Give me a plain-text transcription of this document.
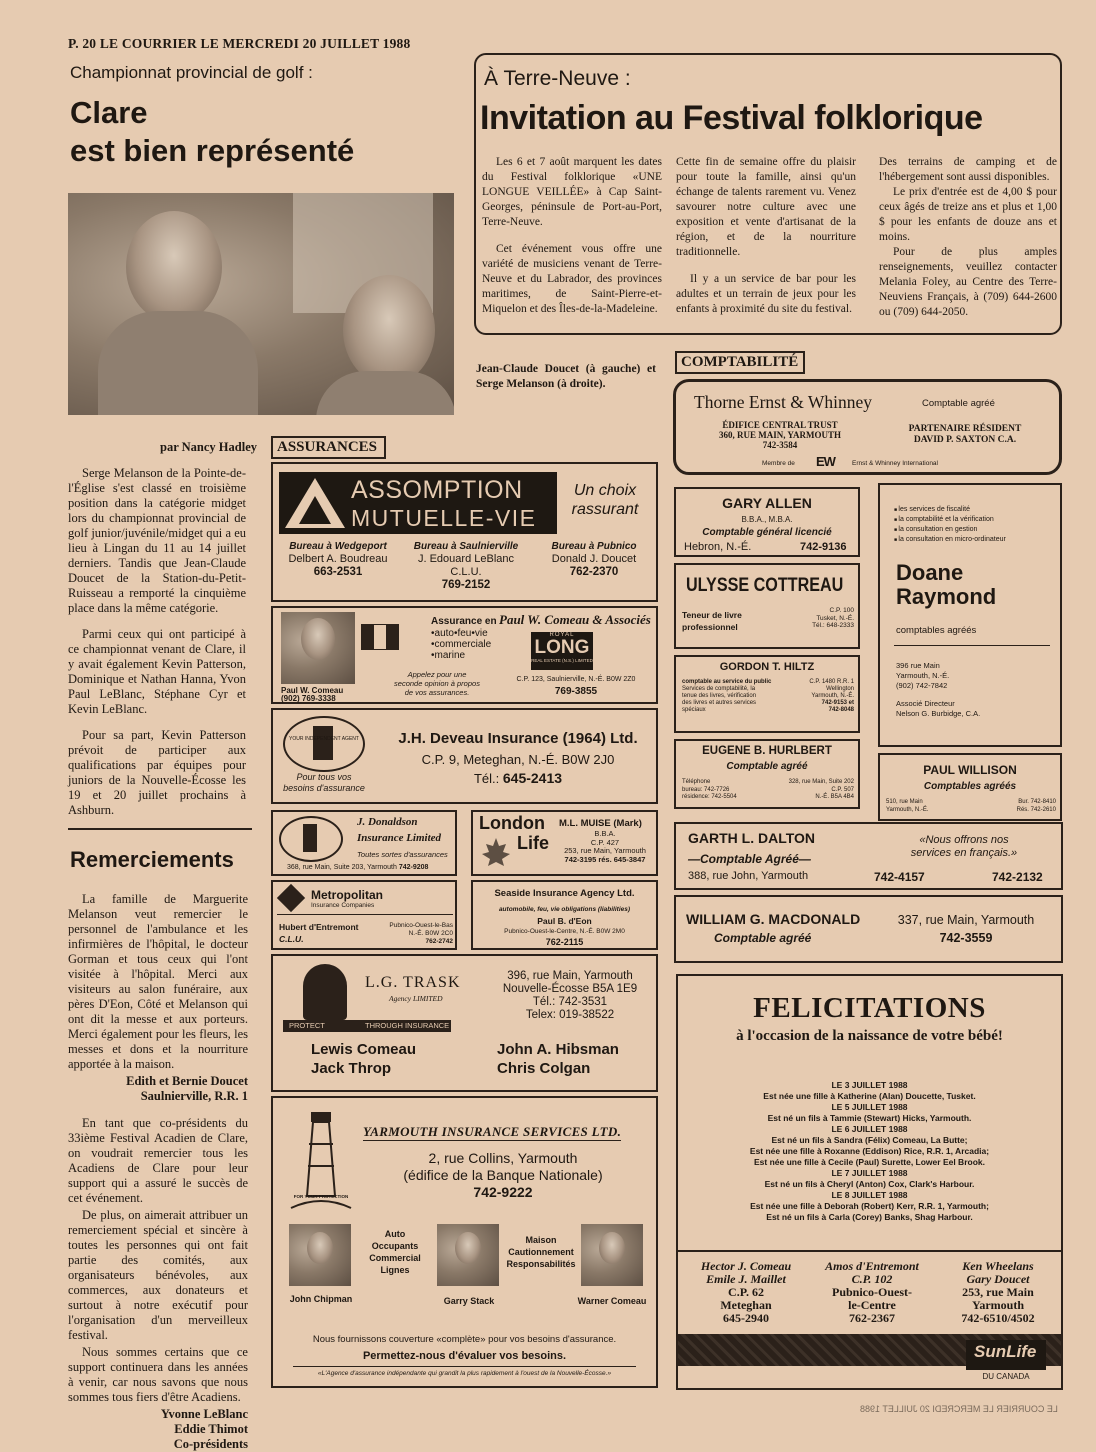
P. 20 LE COURRIER LE MERCREDI 20 JUILLET 1988
Championnat provincial de golf :
Clare
est bien représenté
Jean-Claude Doucet (à gauche) et Serge Melanson (à droite).
par Nancy Hadley

Serge Melanson de la Pointe-de-l'Église s'est classé en troisième position dans la catégorie midget lors du championnat provincial de golf junior/juvénile/midget qui a eu lieu à Lingan du 11 au 14 juillet derniers. Tandis que Jean-Claude Doucet de la Station-du-Petit-Ruisseau a remporté la cinquième place dans la même catégorie.

Parmi ceux qui ont participé à ce championnat venant de Clare, il y avait également Kevin Patterson, Dominique et Nathan Hanna, Yvon Paul LeBlanc, Stéphane Cyr et Kevin LeBlanc.

Pour sa part, Kevin Patterson prévoit de participer aux qualifications par équipes pour juniors de la Nouvelle-Écosse les 19 et 20 juillet prochains à Ashburn.

Remerciements

La famille de Marguerite Melanson veut remercier le personnel de l'ambulance et les infirmières de l'hôpital, le docteur Gorman et tous ceux qui l'ont visitée à l'hôpital. Merci aux visiteurs au salon funéraire, aux pères D'Eon, Côté et Melanson qui ont dit la messe et aux porteurs. Merci également pour les fleurs, les messes et dons et la nourriture apportée à la maison.

Edith et Bernie Doucet
Saulnierville, R.R. 1

En tant que co-présidents du 33ième Festival Acadien de Clare, on voudrait remercier tous les Acadiens de Clare pour leur support qui a assuré le succès de cet événement.

De plus, on aimerait attribuer un remerciement spécial et sincère à toutes les personnes qui ont fait partie des comités, aux organisateurs bénévoles, aux commerces, aux donateurs et surtout à notre exécutif pour l'organisation d'un merveilleux festival.

Nous sommes certains que ce support continuera dans les années à venir, car nous savons que nous sommes tous fiers d'être Acadiens.

Yvonne LeBlanc
Eddie Thimot
Co-présidents
À Terre-Neuve :
Invitation au Festival folklorique

Les 6 et 7 août marquent les dates du Festival folklorique «UNE LONGUE VEILLÉE» à Cap Saint-Georges, péninsule de Port-au-Port, Terre-Neuve.

Cet événement vous offre une variété de musiciens venant de Terre-Neuve et du Labrador, des provinces maritimes, de Saint-Pierre-et-Miquelon et des Îles-de-la-Madeleine.

Cette fin de semaine offre du plaisir pour toute la famille, ainsi qu'un échange de talents rarement vu. Venez savourer notre culture avec une exposition et vente d'artisanat de la région, et de la nourriture traditionnelle.

Il y a un service de bar pour les adultes et un terrain de jeux pour les enfants à proximité du site du festival.

Des terrains de camping et de l'hébergement sont aussi disponibles.

Le prix d'entrée est de 4,00 $ pour ceux âgés de treize ans et plus et 1,00 $ pour les enfants de douze ans et moins.

Pour de plus amples renseignements, veuillez contacter Melania Foley, au Centre des Terre-Neuviens Français, à (709) 644-2600 ou (709) 644-2050.

ASSURANCES
ASSOMPTION
MUTUELLE-VIE
Un choix
rassurant
Bureau à Wedgeport
Delbert A. Boudreau
663-2531
Bureau à Saulnierville
J. Edouard LeBlanc
C.L.U.
769-2152
Bureau à Pubnico
Donald J. Doucet
762-2370
Paul W. Comeau
(902) 769-3338
Assurance en
•auto•feu•vie
•commerciale
•marine
Appelez pour une
seconde opinion à propos
de vos assurances.
Paul W. Comeau & Associés
ROYAL
LONG
REAL ESTATE (N.S.) LIMITED
C.P. 123, Saulnierville, N.-É. B0W 2Z0
769-3855
YOUR INDEPENDENT AGENT
Pour tous vos
besoins d'assurance
J.H. Deveau Insurance (1964) Ltd.
C.P. 9, Meteghan, N.-É. B0W 2J0
Tél.: 645-2413
J. Donaldson
Insurance Limited
Toutes sortes d'assurances
368, rue Main, Suite 203, Yarmouth 742-9208
London
Life
M.L. MUISE (Mark)
B.B.A.
C.P. 427
253, rue Main, Yarmouth
742-3195 rés. 645-3847
Metropolitan
Insurance Companies
Hubert d'Entremont
C.L.U.
Pubnico-Ouest-le-Bas
N.-É. B0W 2C0
762-2742
Seaside Insurance Agency Ltd.
automobile, feu, vie obligations (liabilities)
Paul B. d'Eon
Pubnico-Ouest-le-Centre, N.-É. B0W 2M0
762-2115
L.G. TRASK
Agency LIMITED
PROTECT	THROUGH INSURANCE
396, rue Main, Yarmouth
Nouvelle-Écosse B5A 1E9
Tél.: 742-3531
Telex: 019-38522
Lewis Comeau
Jack Throp
John A. Hibsman
Chris Colgan
FOR YOUR PROTECTION
YARMOUTH INSURANCE SERVICES LTD.
2, rue Collins, Yarmouth
(édifice de la Banque Nationale)
742-9222
Auto
Occupants
Commercial
Lignes
Maison
Cautionnement
Responsabilités
John Chipman	Garry Stack	Warner Comeau
Nous fournissons couverture «complète» pour vos besoins d'assurance.
Permettez-nous d'évaluer vos besoins.
«L'Agence d'assurance indépendante qui grandit la plus rapidement à l'ouest de la Nouvelle-Écosse.»
COMPTABILITÉ
Thorne Ernst & Whinney	Comptable agréé
ÉDIFICE CENTRAL TRUST
360, RUE MAIN, YARMOUTH
742-3584
PARTENAIRE RÉSIDENT
DAVID P. SAXTON C.A.
Membre de EW	Ernst & Whinney International
GARY ALLEN
B.B.A., M.B.A.
Comptable général licencié
Hebron, N.-É.	742-9136
ULYSSE COTTREAU
Teneur de livre
professionnel
C.P. 100
Tusket, N.-É.
Tél.: 648-2333
GORDON T. HILTZ
comptable au service du public
Services de comptabilité, la
tenue des livres, vérification
des livres et autres services
spéciaux
C.P. 1480 R.R. 1
Wellington
Yarmouth, N.-É.
742-9153 et
742-8048
EUGENE B. HURLBERT
Comptable agréé
Téléphone
bureau: 742-7726
résidence: 742-5504
328, rue Main, Suite 202
C.P. 507
N.-É. B5A 4B4
■ les services de fiscalité
■ la comptabilité et la vérification
■ la consultation en gestion
■ la consultation en micro-ordinateur
Doane
Raymond
comptables agréés
396 rue Main
Yarmouth, N.-É.
(902) 742-7842
Associé Directeur
Nelson G. Burbidge, C.A.
PAUL WILLISON
Comptables agréés
510, rue Main
Yarmouth, N.-É.
Bur. 742-8410
Rés. 742-2610
GARTH L. DALTON
—Comptable Agréé—
388, rue John, Yarmouth
«Nous offrons nos
services en français.»
742-4157	742-2132
WILLIAM G. MACDONALD
Comptable agréé
337, rue Main, Yarmouth
742-3559
FELICITATIONS
à l'occasion de la naissance de votre bébé!
LE 3 JUILLET 1988
Est née une fille à Katherine (Alan) Doucette, Tusket.
LE 5 JUILLET 1988
Est né un fils à Tammie (Stewart) Hicks, Yarmouth.
LE 6 JUILLET 1988
Est né un fils à Sandra (Félix) Comeau, La Butte;
Est née une fille à Roxanne (Eddison) Rice, R.R. 1, Arcadia;
Est née une fille à Cecile (Paul) Surette, Lower Eel Brook.
LE 7 JUILLET 1988
Est né un fils à Cheryl (Anton) Cox, Clark's Harbour.
LE 8 JUILLET 1988
Est née une fille à Deborah (Robert) Kerr, R.R. 1, Yarmouth;
Est né un fils à Carla (Corey) Banks, Shag Harbour.
Hector J. Comeau
Emile J. Maillet
C.P. 62
Meteghan
645-2940
Amos d'Entremont
C.P. 102
Pubnico-Ouest-
le-Centre
762-2367
Ken Wheelans
Gary Doucet
253, rue Main
Yarmouth
742-6510/4502
SunLife
DU CANADA
LE COURRIER LE MERCREDI 20 JUILLET 1988
